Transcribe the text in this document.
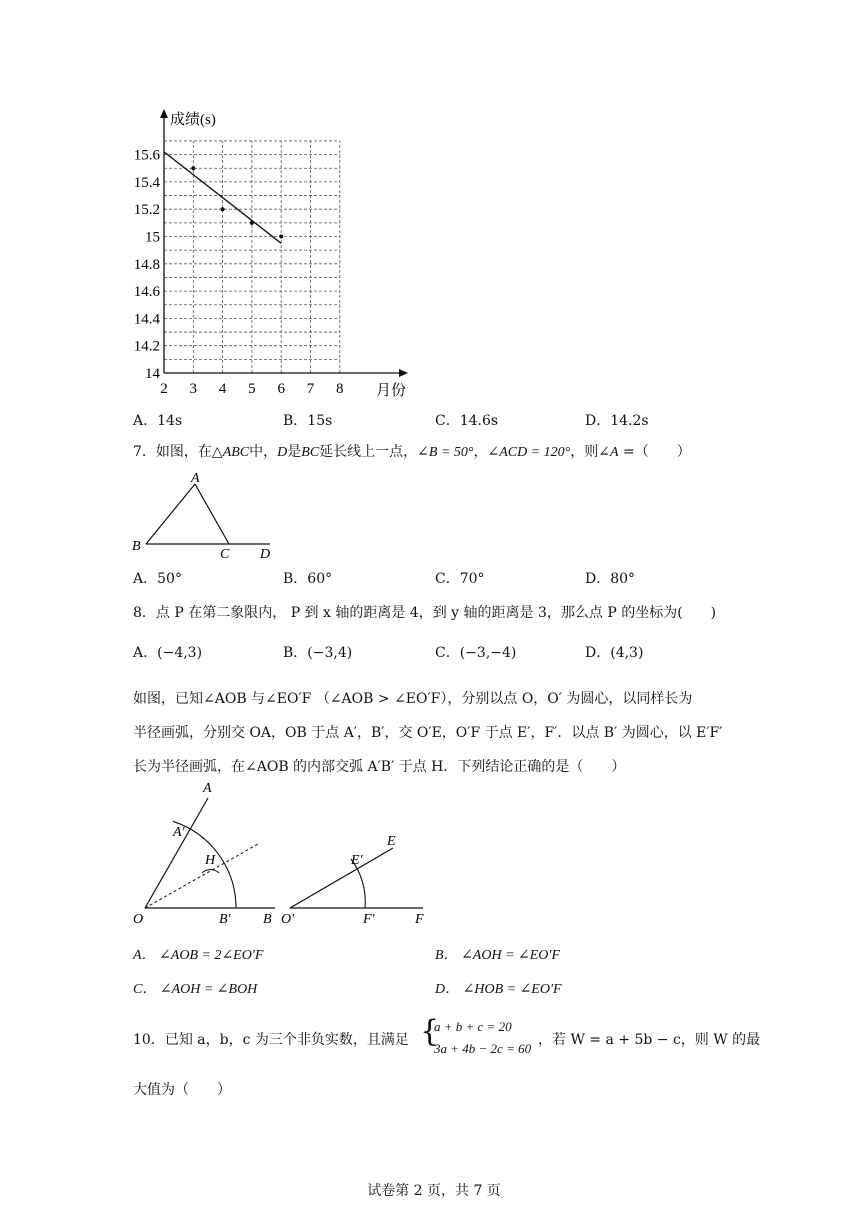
成绩(s)
月份
2 3 4 5 6 7 8
14
14.2
14.4
14.6
14.8
15
15.2
15.4
15.6
A．14s	B．15s	C．14.6s	D．14.2s
7．如图，在△ABC中，D是BC延长线上一点，∠B = 50°，∠ACD = 120°，则∠A =（　　）
A
B
C D
A．50°	B．60°	C．70°	D．80°
8．点 P 在第二象限内， P 到 x 轴的距离是 4，到 y 轴的距离是 3，那么点 P 的坐标为(　　)
A．(−4,3)	B．(−3,4)	C．(−3,−4)	D．(4,3)
如图，已知∠AOB 与∠EO′F （∠AOB > ∠EO′F），分别以点 O，O′ 为圆心，以同样长为
半径画弧，分别交 OA，OB 于点 A′，B′，交 O′E，O′F 于点 E′，F′．以点 B′ 为圆心，以 E′F′
长为半径画弧，在∠AOB 的内部交弧 A′B′ 于点 H．下列结论正确的是（　　）
A
A′
H
O	B′ B
E
E′
O′	F′	F
A． ∠AOB = 2∠EO′F	B． ∠AOH = ∠EO′F
C． ∠AOH = ∠BOH	D． ∠HOB = ∠EO′F
10．已知 a，b，c 为三个非负实数，且满足 {
a + b + c = 20
3a + 4b − 2c = 60
，若 W = a + 5b − c，则 W 的最
大值为（　　）
试卷第 2 页，共 7 页
